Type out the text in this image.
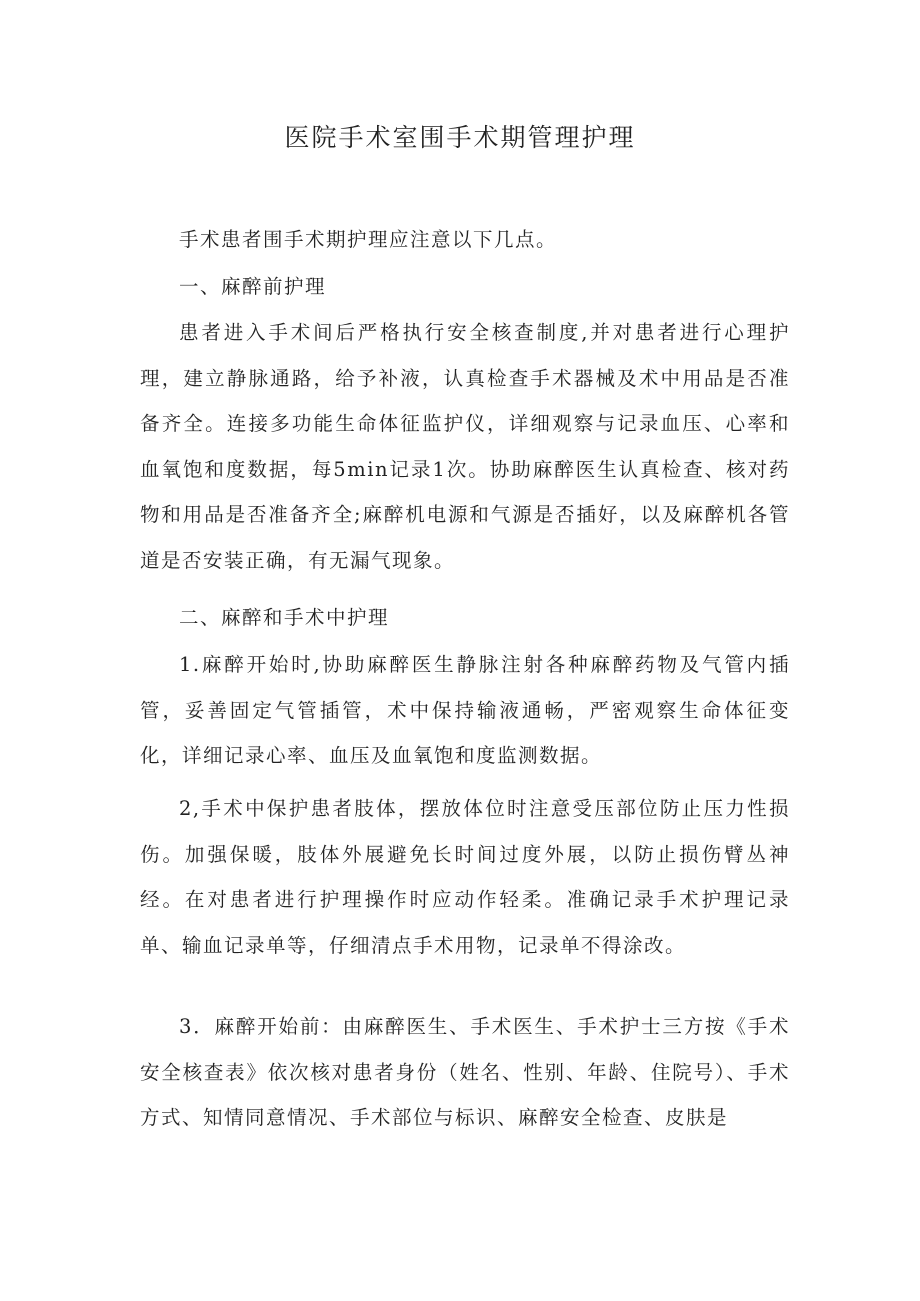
医院手术室围手术期管理护理

手术患者围手术期护理应注意以下几点。

一、麻醉前护理

患者进入手术间后严格执行安全核查制度,并对患者进行心理护理，建立静脉通路，给予补液，认真检查手术器械及术中用品是否准备齐全。连接多功能生命体征监护仪，详细观察与记录血压、心率和血氧饱和度数据，每5min记录1次。协助麻醉医生认真检查、核对药物和用品是否准备齐全;麻醉机电源和气源是否插好，以及麻醉机各管道是否安装正确，有无漏气现象。

二、麻醉和手术中护理

1.麻醉开始时,协助麻醉医生静脉注射各种麻醉药物及气管内插管，妥善固定气管插管，术中保持输液通畅，严密观察生命体征变化，详细记录心率、血压及血氧饱和度监测数据。

2,手术中保护患者肢体，摆放体位时注意受压部位防止压力性损伤。加强保暖，肢体外展避免长时间过度外展，以防止损伤臂丛神经。在对患者进行护理操作时应动作轻柔。准确记录手术护理记录单、输血记录单等，仔细清点手术用物，记录单不得涂改。

3．麻醉开始前：由麻醉医生、手术医生、手术护士三方按《手术安全核查表》依次核对患者身份（姓名、性别、年龄、住院号）、手术方式、知情同意情况、手术部位与标识、麻醉安全检查、皮肤是
